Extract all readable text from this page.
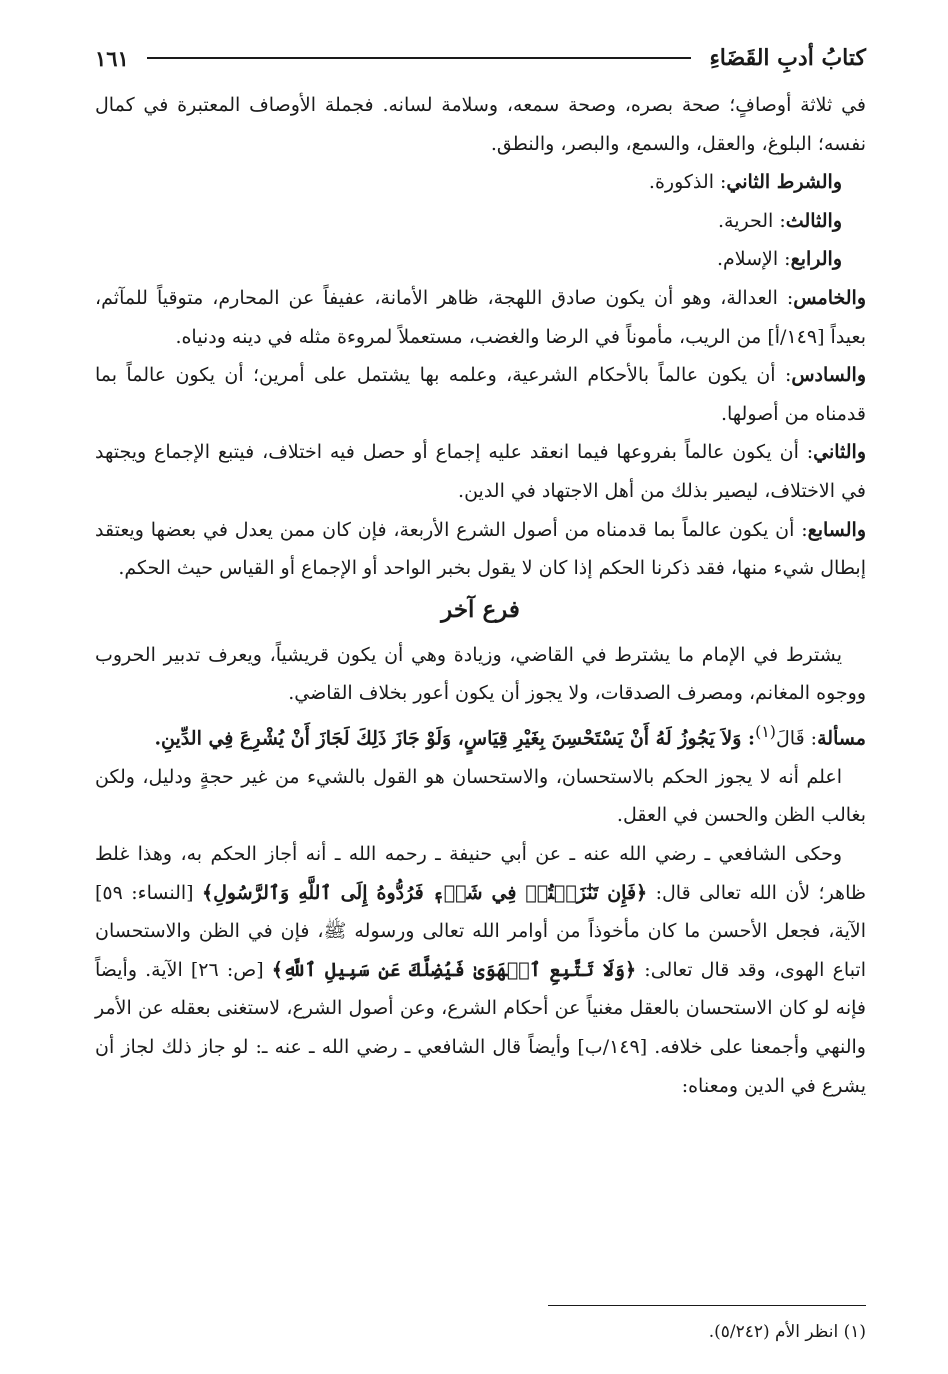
كتابُ أدبِ القَضَاءِ
١٦١

في ثلاثة أوصافٍ؛ صحة بصره، وصحة سمعه، وسلامة لسانه. فجملة الأوصاف المعتبرة في كمال نفسه؛ البلوغ، والعقل، والسمع، والبصر، والنطق.

والشرط الثاني: الذكورة.

والثالث: الحرية.

والرابع: الإسلام.

والخامس: العدالة، وهو أن يكون صادق اللهجة، ظاهر الأمانة، عفيفاً عن المحارم، متوقياً للمآثم، بعيداً [١٤٩/أ] من الريب، مأموناً في الرضا والغضب، مستعملاً لمروءة مثله في دينه ودنياه.

والسادس: أن يكون عالماً بالأحكام الشرعية، وعلمه بها يشتمل على أمرين؛ أن يكون عالماً بما قدمناه من أصولها.

والثاني: أن يكون عالماً بفروعها فيما انعقد عليه إجماع أو حصل فيه اختلاف، فيتبع الإجماع ويجتهد في الاختلاف، ليصير بذلك من أهل الاجتهاد في الدين.

والسابع: أن يكون عالماً بما قدمناه من أصول الشرع الأربعة، فإن كان ممن يعدل في بعضها ويعتقد إبطال شيء منها، فقد ذكرنا الحكم إذا كان لا يقول بخبر الواحد أو الإجماع أو القياس حيث الحكم.

فرع آخر

يشترط في الإمام ما يشترط في القاضي، وزيادة وهي أن يكون قريشياً، ويعرف تدبير الحروب ووجوه المغانم، ومصرف الصدقات، ولا يجوز أن يكون أعور بخلاف القاضي.

مسألة: قَالَ$^{(١)}$: وَلاَ يَجُوزُ لَهُ أَنْ يَسْتَحْسِنَ بِغَيْرِ قِيَاسٍ، وَلَوْ جَازَ ذَلِكَ لَجَازَ أَنْ يُشْرِعَ فِي الدِّينِ.

اعلم أنه لا يجوز الحكم بالاستحسان، والاستحسان هو القول بالشيء من غير حجةٍ ودليل، ولكن بغالب الظن والحسن في العقل.

وحكى الشافعي ـ رضي الله عنه ـ عن أبي حنيفة ـ رحمه الله ـ أنه أجاز الحكم به، وهذا غلط ظاهر؛ لأن الله تعالى قال: ﴿فَإِن تَنَٰزَعۡتُمۡ فِي شَيۡءٖ فَرُدُّوهُ إِلَى ٱللَّهِ وَٱلرَّسُولِ﴾ [النساء: ٥٩] الآية، فجعل الأحسن ما كان مأخوذاً من أوامر الله تعالى ورسوله ﷺ، فإن في الظن والاستحسان اتباع الهوى، وقد قال تعالى: ﴿وَلَا تَتَّبِعِ ٱلۡهَوَىٰ فَيُضِلَّكَ عَن سَبِيلِ ٱللَّهِ﴾ [ص: ٢٦] الآية. وأيضاً فإنه لو كان الاستحسان بالعقل مغنياً عن أحكام الشرع، وعن أصول الشرع، لاستغنى بعقله عن الأمر والنهي وأجمعنا على خلافه. [١٤٩/ب] وأيضاً قال الشافعي ـ رضي الله ـ عنه ـ: لو جاز ذلك لجاز أن يشرع في الدين ومعناه:

(١) انظر الأم (٥/٢٤٢).
